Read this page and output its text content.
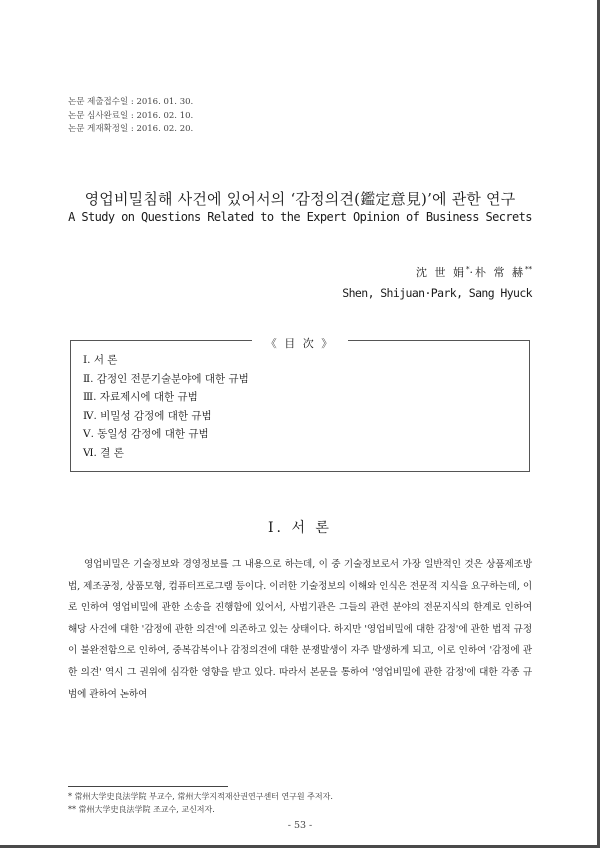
논문 제출접수일 : 2016. 01. 30.
논문 심사완료일 : 2016. 02. 10.
논문 게재확정일 : 2016. 02. 20.
영업비밀침해 사건에 있어서의 ‘감정의견(鑑定意見)’에 관한 연구
A Study on Questions Related to the Expert Opinion of Business Secrets
沈 世 娟*·朴 常 赫**
Shen, Shijuan·Park, Sang Hyuck
《 目 次 》
Ⅰ. 서 론
Ⅱ. 감정인 전문기술분야에 대한 규범
Ⅲ. 자료제시에 대한 규범
Ⅳ. 비밀성 감정에 대한 규범
Ⅴ. 동일성 감정에 대한 규범
Ⅵ. 결 론
Ⅰ. 서 론

영업비밀은 기술정보와 경영정보를 그 내용으로 하는데, 이 중 기술정보로서 가장 일반적인 것은 상품제조방법, 제조공정, 상품모형, 컴퓨터프로그램 등이다. 이러한 기술정보의 이해와 인식은 전문적 지식을 요구하는데, 이로 인하여 영업비밀에 관한 소송을 진행함에 있어서, 사법기관은 그들의 관련 분야의 전문지식의 한계로 인하여 해당 사건에 대한 '감정에 관한 의견'에 의존하고 있는 상태이다. 하지만 '영업비밀에 대한 감정'에 관한 법적 규정이 불완전함으로 인하여, 중복감복이나 감정의견에 대한 분쟁발생이 자주 발생하게 되고, 이로 인하여 '감정에 관한 의견' 역시 그 권위에 심각한 영향을 받고 있다. 따라서 본문을 통하여 '영업비밀에 관한 감정'에 대한 각종 규범에 관하여 논하여

* 常州大学史良法学院 부교수, 常州大学지적재산권연구센터 연구원 주저자.
** 常州大学史良法学院 조교수, 교신저자.
- 53 -
